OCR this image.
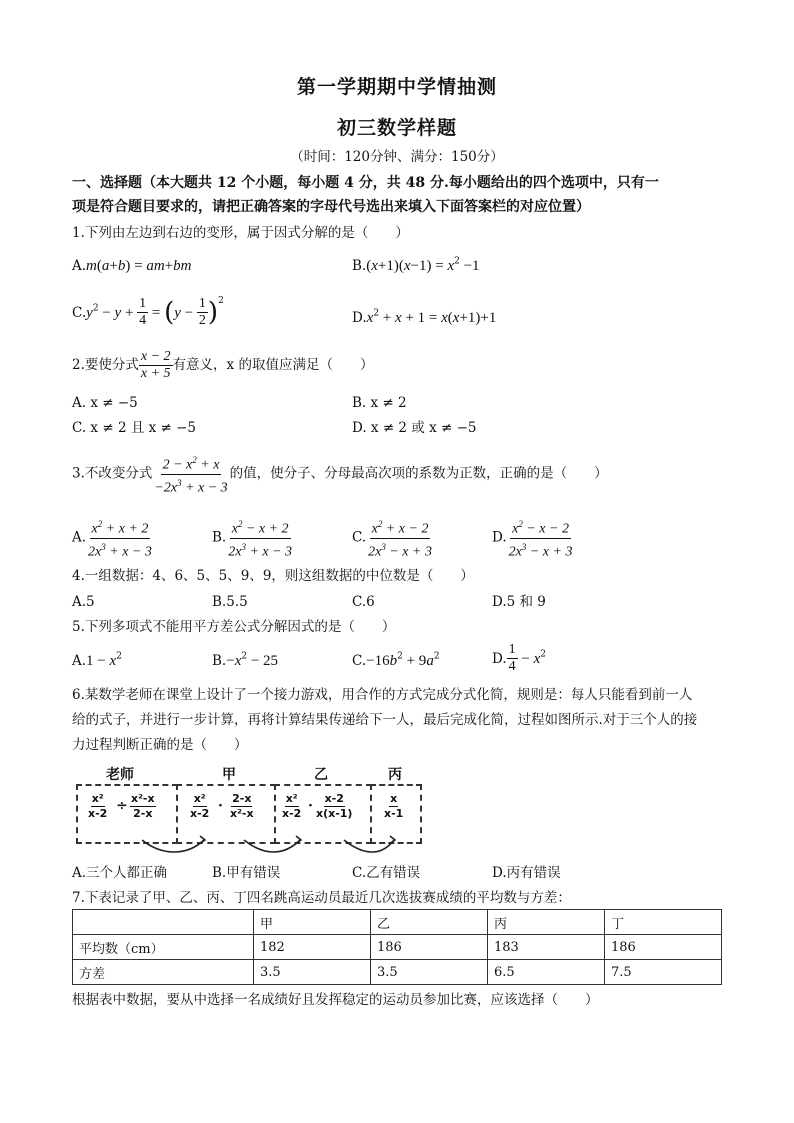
第一学期期中学情抽测
初三数学样题
（时间：120分钟、满分：150分）
一、选择题（本大题共 12 个小题，每小题 4 分，共 48 分.每小题给出的四个选项中，只有一
项是符合题目要求的，请把正确答案的字母代号选出来填入下面答案栏的对应位置）
1.下列由左边到右边的变形，属于因式分解的是（　　）
A.m(a+b) = am+bm	$B.(x+1)(x-1) = x^2 -1$
$C.y^2 - y + \frac{1}{4} = (y - \frac{1}{2} )^2$
$D.x^2 + x + 1 = x(x+1)+1$
2.要使分式 $\frac{x - 2}{x + 5}$ 有意义，x 的取值应满足（　　）
A. x ≠ −5	B. x ≠ 2
C. x ≠ 2 且 x ≠ −5	D. x ≠ 2 或 x ≠ −5
3.不改变分式 $\frac{2 - x^2 + x}{-2x^3 + x - 3}$ 的值，使分子、分母最高次项的系数为正数，正确的是（　　）
A. $\frac{x^2 + x + 2}{2x^3 + x - 3}$	B. $\frac{x^2 - x + 2}{2x^3 + x - 3}$	C. $\frac{x^2 + x - 2}{2x^3 - x + 3}$	D. $\frac{x^2 - x - 2}{2x^3 - x + 3}$
4.一组数据：4、6、5、5、9、9，则这组数据的中位数是（　　）
A.5	B.5.5	C.6	D.5 和 9
5.下列多项式不能用平方差公式分解因式的是（　　）
$A.1 - x^2$	$B.-x^2 - 25$	$C.-16b^2 + 9a^2$	D. $\frac{1}{4} - x^2$
6.某数学老师在课堂上设计了一个接力游戏，用合作的方式完成分式化简，规则是：每人只能看到前一人
给的式子，并进行一步计算，再将计算结果传递给下一人，最后完成化简，过程如图所示.对于三个人的接
力过程判断正确的是（　　）
老师	甲	乙	丙
x²
x-2 ÷ x²-x
2-x
x²
x-2 · 2-x
x²-x
x²
x-2 · x-2
x(x-1)
x
x-1
A.三个人都正确	B.甲有错误	C.乙有错误	D.丙有错误
7.下表记录了甲、乙、丙、丁四名跳高运动员最近几次选拔赛成绩的平均数与方差：
	甲	乙	丙	丁
平均数（cm）	182	186	183	186
方差	3.5	3.5	6.5	7.5
根据表中数据，要从中选择一名成绩好且发挥稳定的运动员参加比赛，应该选择（　　）
